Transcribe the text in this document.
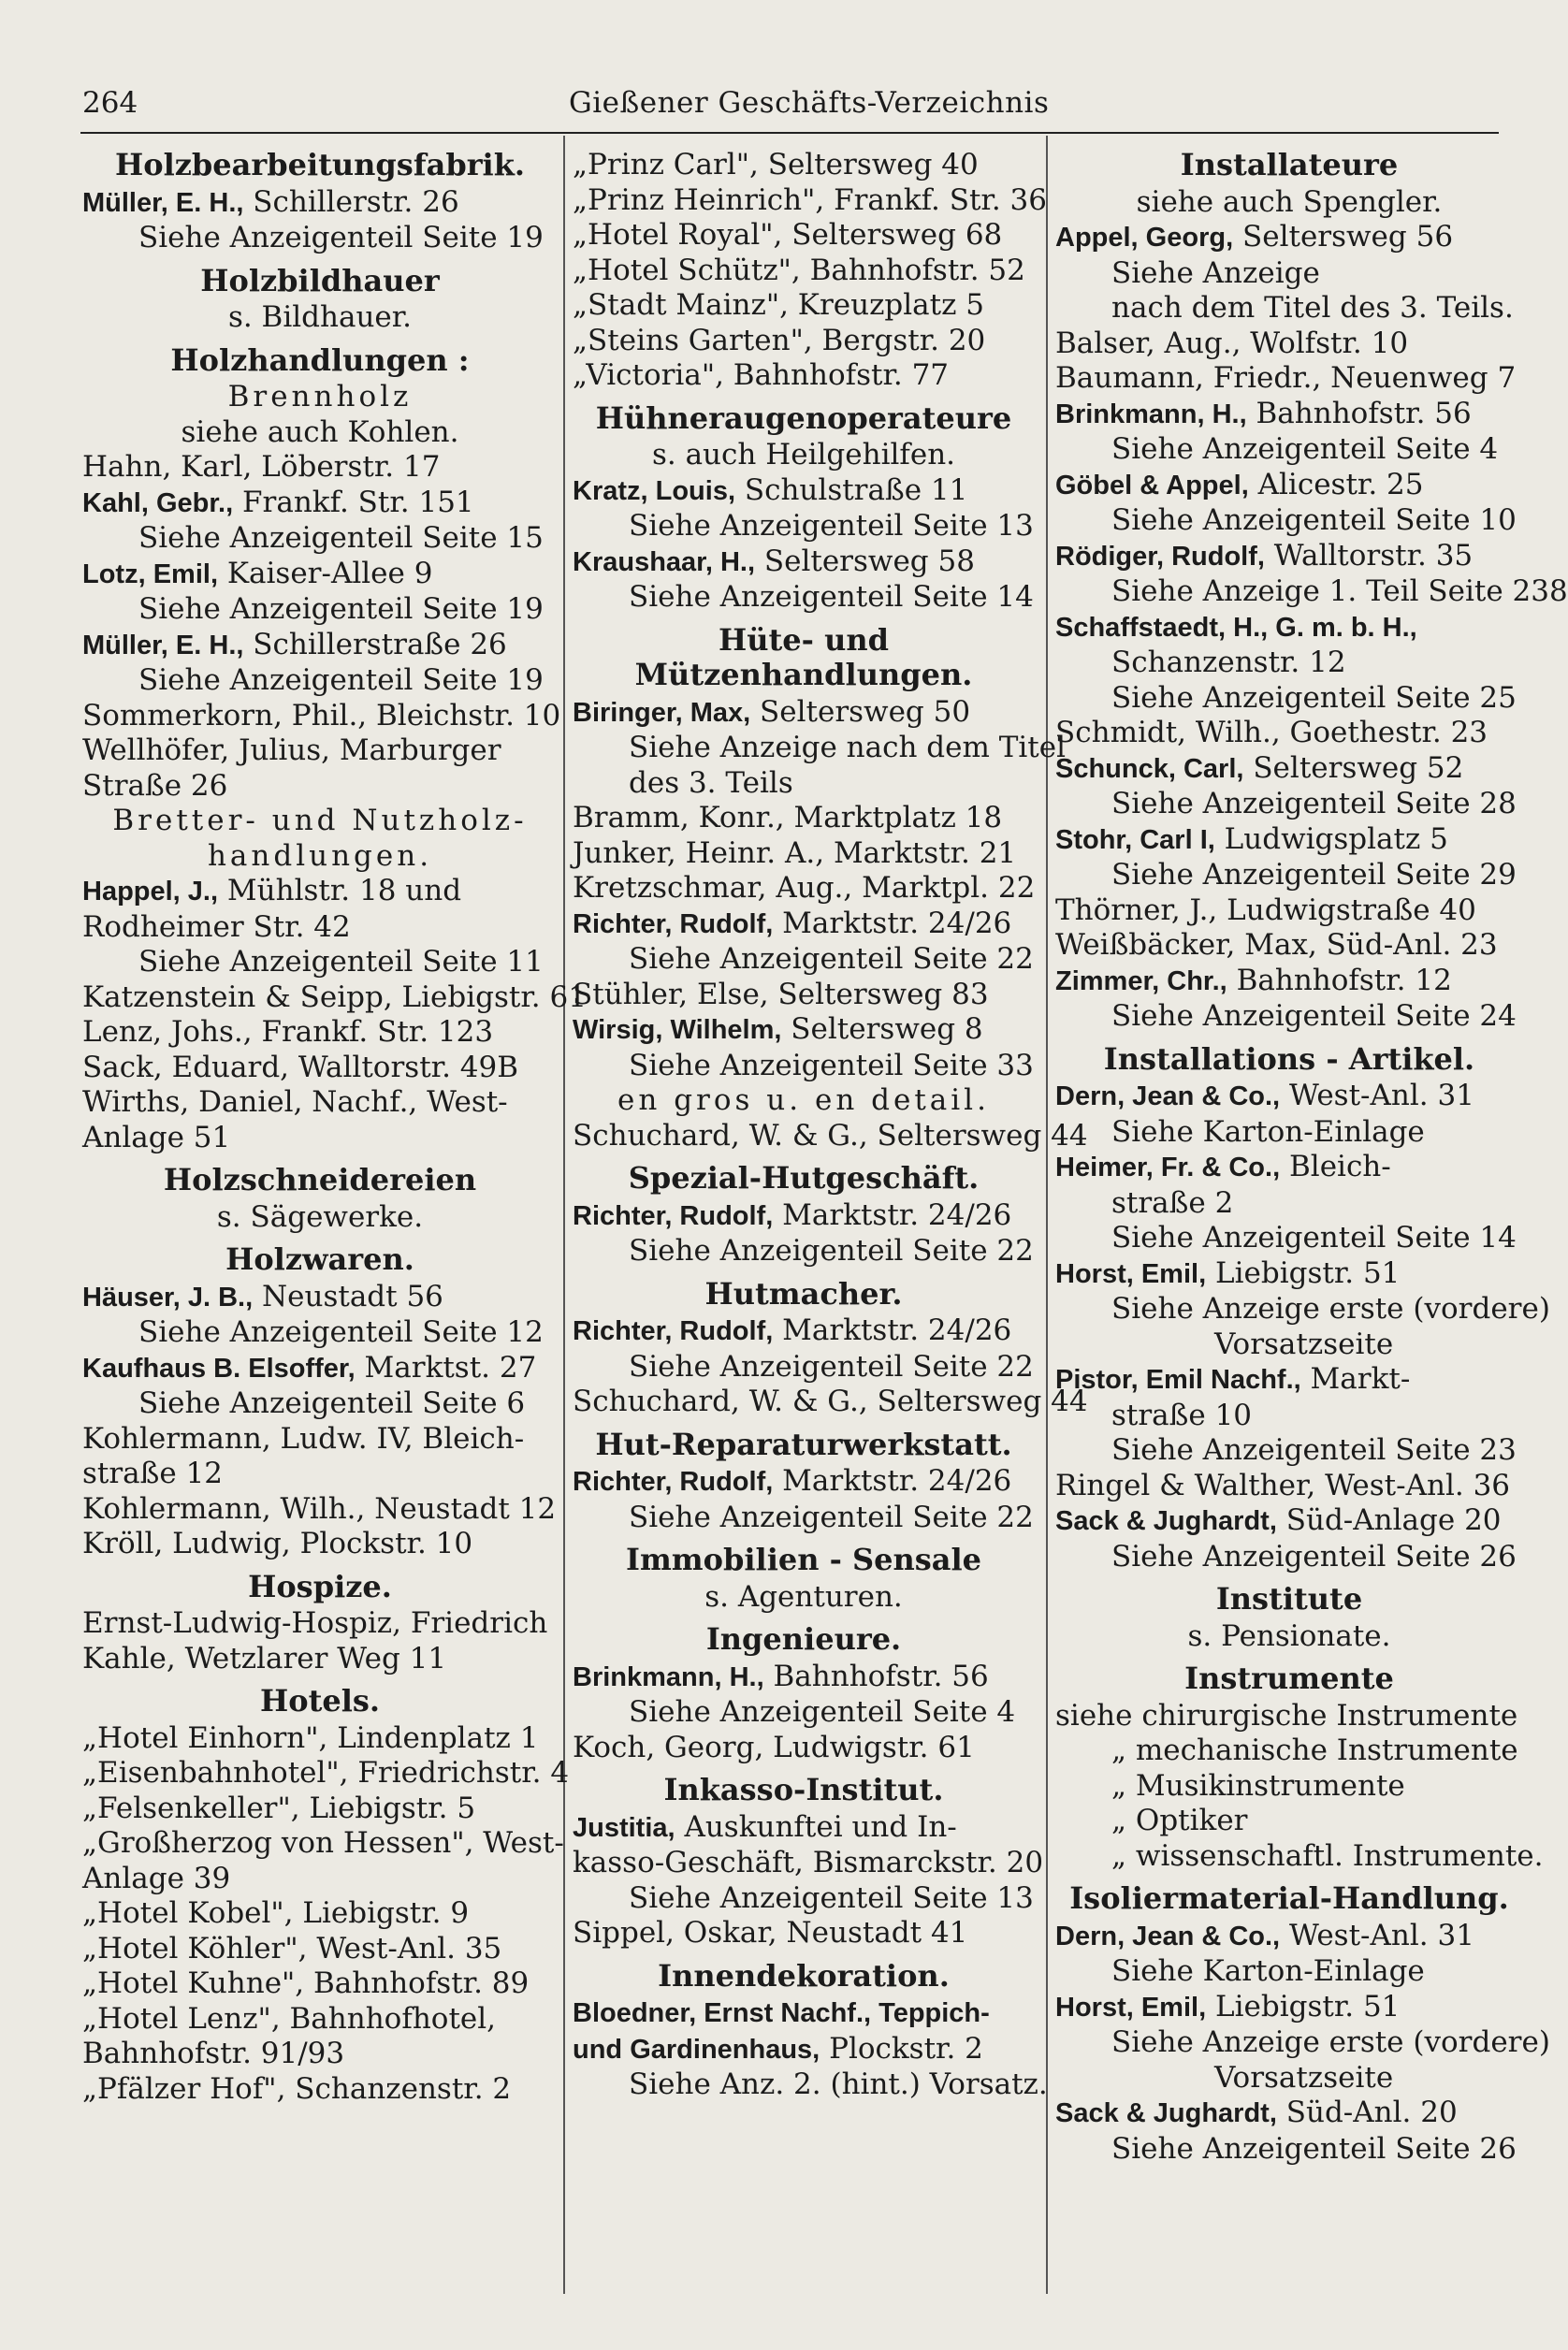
264	Gießener Geschäfts-Verzeichnis
Holzbearbeitungsfabrik.
Müller, E. H., Schillerstr. 26
Siehe Anzeigenteil Seite 19
Holzbildhauer
s. Bildhauer.
Holzhandlungen :
Brennholz
siehe auch Kohlen.
Hahn, Karl, Löberstr. 17
Kahl, Gebr., Frankf. Str. 151
Siehe Anzeigenteil Seite 15
Lotz, Emil, Kaiser-Allee 9
Siehe Anzeigenteil Seite 19
Müller, E. H., Schillerstraße 26
Siehe Anzeigenteil Seite 19
Sommerkorn, Phil., Bleichstr. 10
Wellhöfer, Julius, Marburger
Straße 26
Bretter- und Nutzholz-
handlungen.
Happel, J., Mühlstr. 18 und
Rodheimer Str. 42
Siehe Anzeigenteil Seite 11
Katzenstein & Seipp, Liebigstr. 61
Lenz, Johs., Frankf. Str. 123
Sack, Eduard, Walltorstr. 49B
Wirths, Daniel, Nachf., West-
Anlage 51
Holzschneidereien
s. Sägewerke.
Holzwaren.
Häuser, J. B., Neustadt 56
Siehe Anzeigenteil Seite 12
Kaufhaus B. Elsoffer, Marktst. 27
Siehe Anzeigenteil Seite 6
Kohlermann, Ludw. IV, Bleich-
straße 12
Kohlermann, Wilh., Neustadt 12
Kröll, Ludwig, Plockstr. 10
Hospize.
Ernst-Ludwig-Hospiz, Friedrich
Kahle, Wetzlarer Weg 11
Hotels.
„Hotel Einhorn", Lindenplatz 1
„Eisenbahnhotel", Friedrichstr. 4
„Felsenkeller", Liebigstr. 5
„Großherzog von Hessen", West-
Anlage 39
„Hotel Kobel", Liebigstr. 9
„Hotel Köhler", West-Anl. 35
„Hotel Kuhne", Bahnhofstr. 89
„Hotel Lenz", Bahnhofhotel,
Bahnhofstr. 91/93
„Pfälzer Hof", Schanzenstr. 2
„Prinz Carl", Seltersweg 40
„Prinz Heinrich", Frankf. Str. 36
„Hotel Royal", Seltersweg 68
„Hotel Schütz", Bahnhofstr. 52
„Stadt Mainz", Kreuzplatz 5
„Steins Garten", Bergstr. 20
„Victoria", Bahnhofstr. 77
Hühneraugenoperateure
s. auch Heilgehilfen.
Kratz, Louis, Schulstraße 11
Siehe Anzeigenteil Seite 13
Kraushaar, H., Seltersweg 58
Siehe Anzeigenteil Seite 14
Hüte- und Mützenhandlungen.
Biringer, Max, Seltersweg 50
Siehe Anzeige nach dem Titel
des 3. Teils
Bramm, Konr., Marktplatz 18
Junker, Heinr. A., Marktstr. 21
Kretzschmar, Aug., Marktpl. 22
Richter, Rudolf, Marktstr. 24/26
Siehe Anzeigenteil Seite 22
Stühler, Else, Seltersweg 83
Wirsig, Wilhelm, Seltersweg 8
Siehe Anzeigenteil Seite 33
en gros u. en detail.
Schuchard, W. & G., Seltersweg 44
Spezial-Hutgeschäft.
Richter, Rudolf, Marktstr. 24/26
Siehe Anzeigenteil Seite 22
Hutmacher.
Richter, Rudolf, Marktstr. 24/26
Siehe Anzeigenteil Seite 22
Schuchard, W. & G., Seltersweg 44
Hut-Reparaturwerkstatt.
Richter, Rudolf, Marktstr. 24/26
Siehe Anzeigenteil Seite 22
Immobilien - Sensale
s. Agenturen.
Ingenieure.
Brinkmann, H., Bahnhofstr. 56
Siehe Anzeigenteil Seite 4
Koch, Georg, Ludwigstr. 61
Inkasso-Institut.
Justitia, Auskunftei und In-
kasso-Geschäft, Bismarckstr. 20
Siehe Anzeigenteil Seite 13
Sippel, Oskar, Neustadt 41
Innendekoration.
Bloedner, Ernst Nachf., Teppich-
und Gardinenhaus, Plockstr. 2
Siehe Anz. 2. (hint.) Vorsatz.
Installateure
siehe auch Spengler.
Appel, Georg, Seltersweg 56
Siehe Anzeige
nach dem Titel des 3. Teils.
Balser, Aug., Wolfstr. 10
Baumann, Friedr., Neuenweg 7
Brinkmann, H., Bahnhofstr. 56
Siehe Anzeigenteil Seite 4
Göbel & Appel, Alicestr. 25
Siehe Anzeigenteil Seite 10
Rödiger, Rudolf, Walltorstr. 35
Siehe Anzeige 1. Teil Seite 238
Schaffstaedt, H., G. m. b. H.,
Schanzenstr. 12
Siehe Anzeigenteil Seite 25
Schmidt, Wilh., Goethestr. 23
Schunck, Carl, Seltersweg 52
Siehe Anzeigenteil Seite 28
Stohr, Carl I, Ludwigsplatz 5
Siehe Anzeigenteil Seite 29
Thörner, J., Ludwigstraße 40
Weißbäcker, Max, Süd-Anl. 23
Zimmer, Chr., Bahnhofstr. 12
Siehe Anzeigenteil Seite 24
Installations - Artikel.
Dern, Jean & Co., West-Anl. 31
Siehe Karton-Einlage
Heimer, Fr. & Co., Bleich-
straße 2
Siehe Anzeigenteil Seite 14
Horst, Emil, Liebigstr. 51
Siehe Anzeige erste (vordere)
Vorsatzseite
Pistor, Emil Nachf., Markt-
straße 10
Siehe Anzeigenteil Seite 23
Ringel & Walther, West-Anl. 36
Sack & Jughardt, Süd-Anlage 20
Siehe Anzeigenteil Seite 26
Institute
s. Pensionate.
Instrumente
siehe chirurgische Instrumente
„ mechanische Instrumente
„ Musikinstrumente
„ Optiker
„ wissenschaftl. Instrumente.
Isoliermaterial-Handlung.
Dern, Jean & Co., West-Anl. 31
Siehe Karton-Einlage
Horst, Emil, Liebigstr. 51
Siehe Anzeige erste (vordere)
Vorsatzseite
Sack & Jughardt, Süd-Anl. 20
Siehe Anzeigenteil Seite 26
